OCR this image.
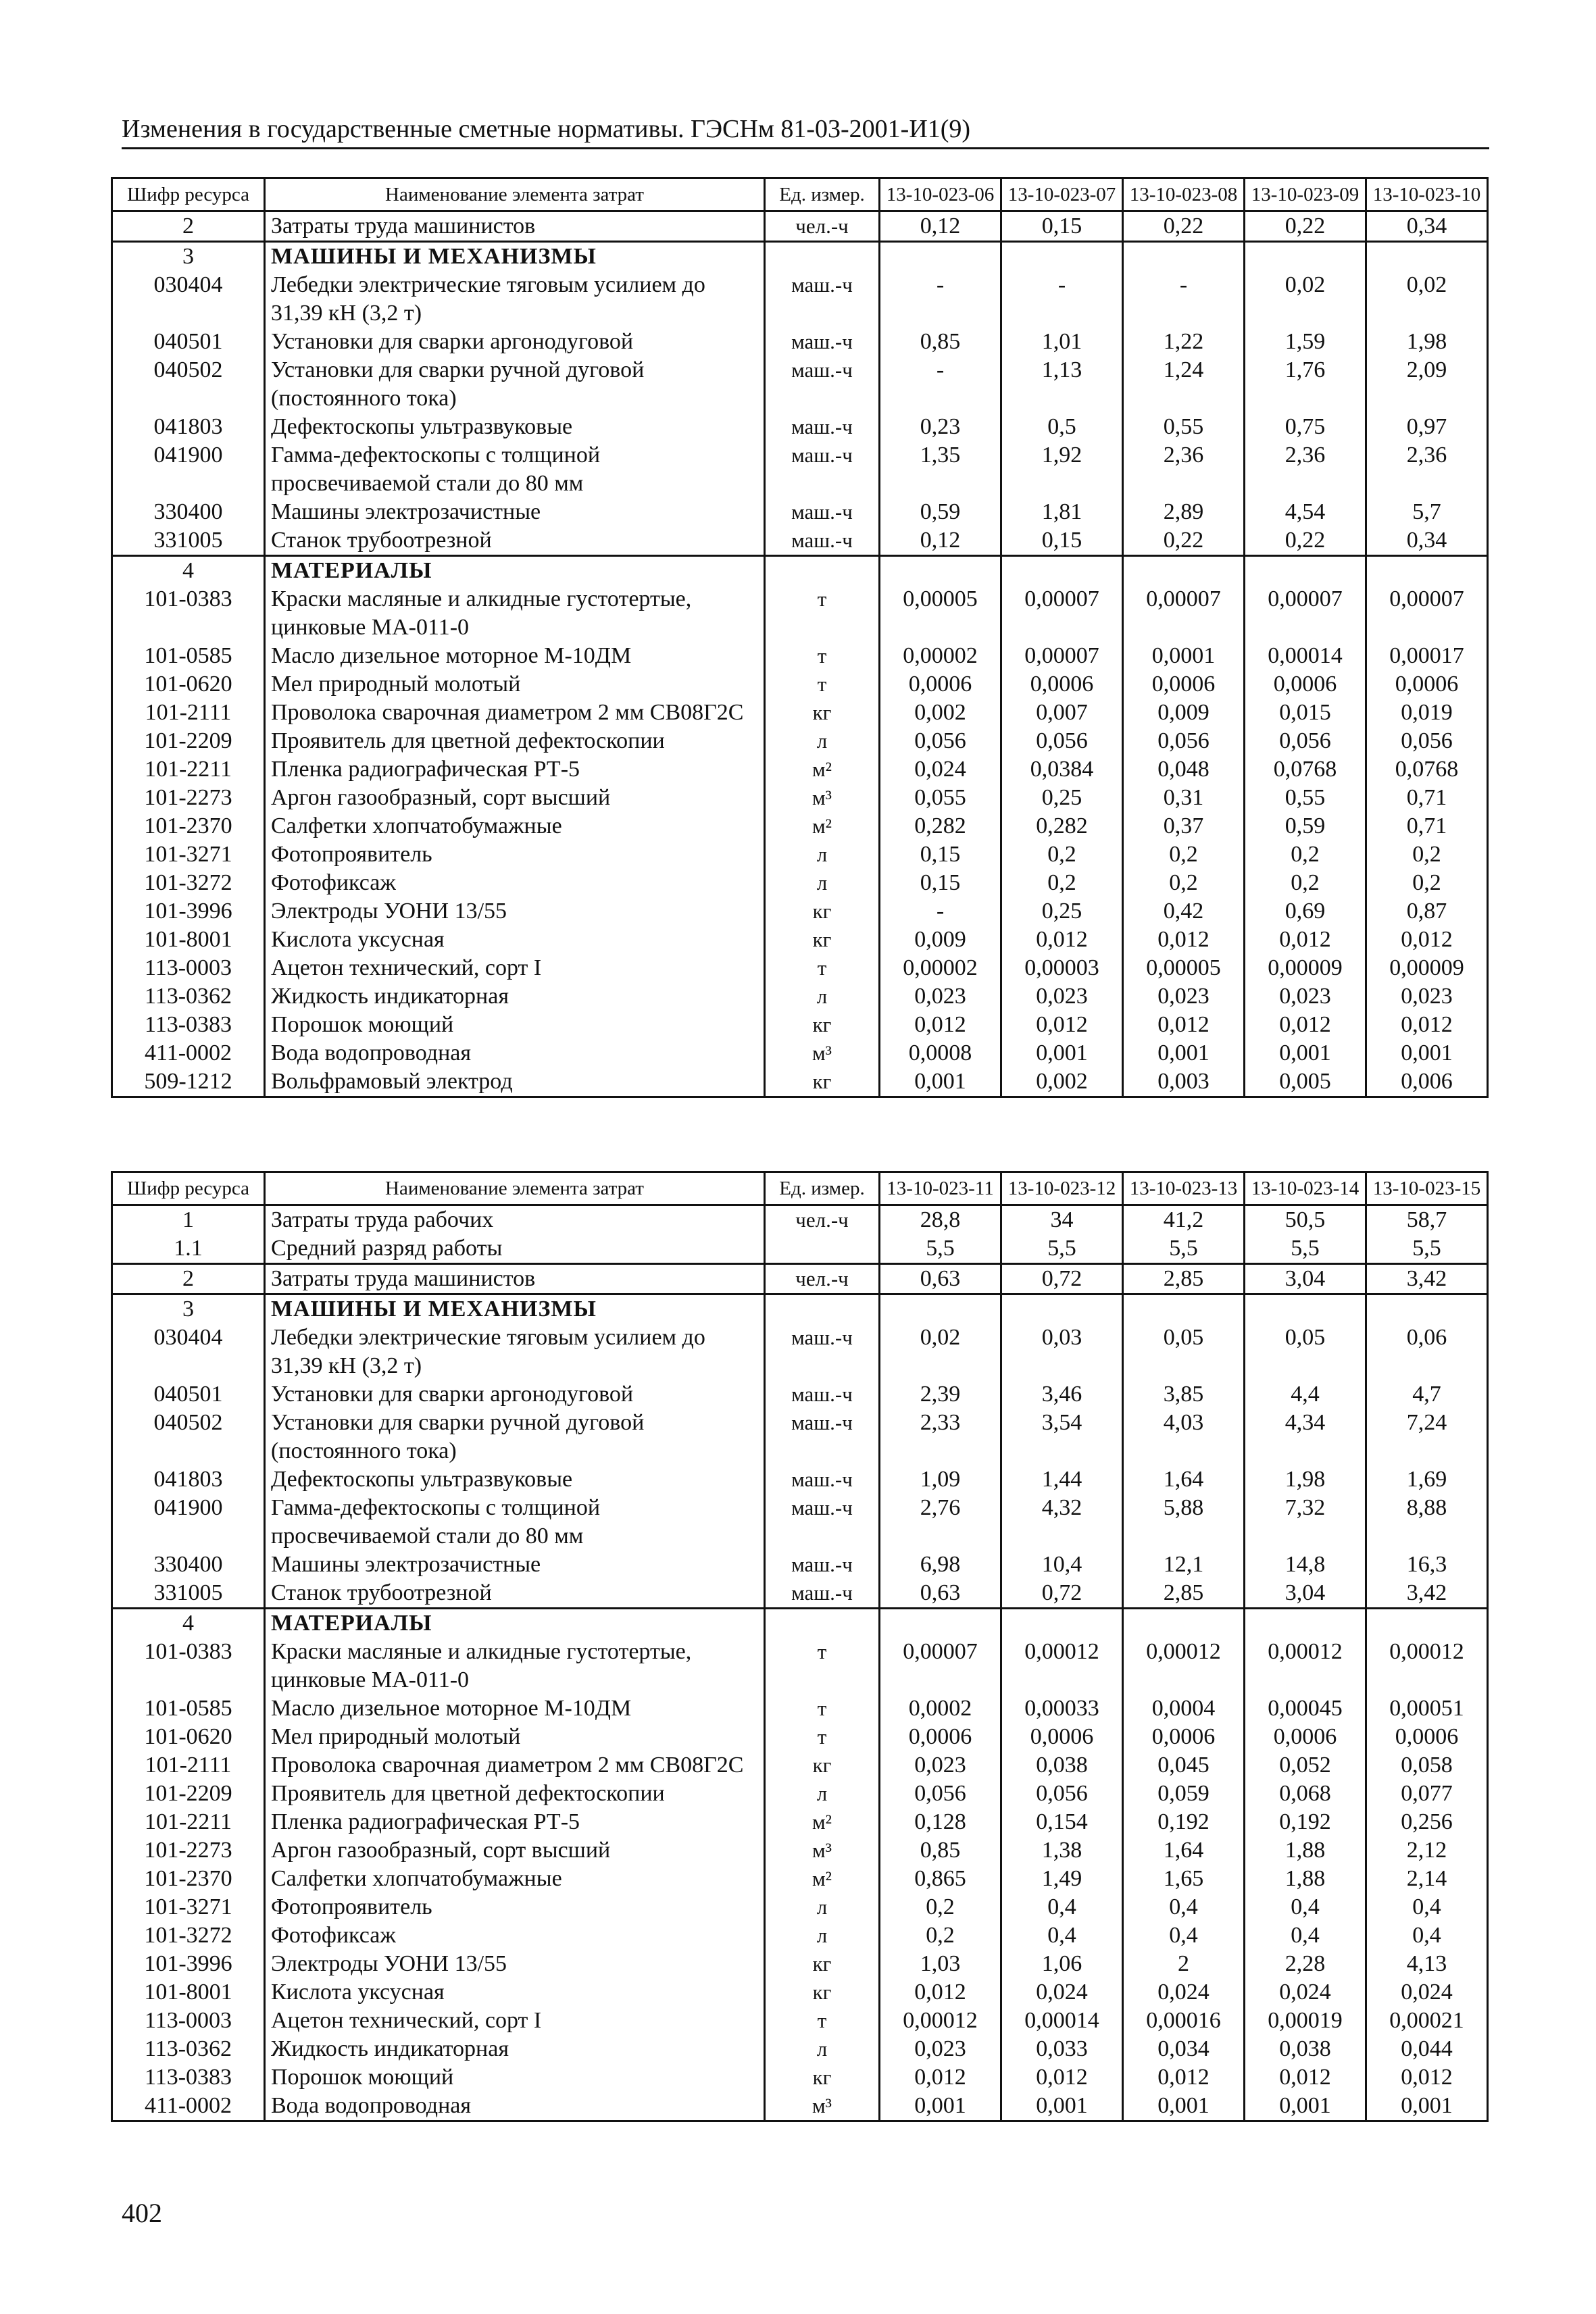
Изменения в государственные сметные нормативы. ГЭСНм 81-03-2001-И1(9)
Шифр ресурса	Наименование элемента затрат	Ед. измер.	13-10-023-06	13-10-023-07	13-10-023-08	13-10-023-09	13-10-023-10
2	Затраты труда машинистов	чел.-ч	0,12	0,15	0,22	0,22	0,34
3	МАШИНЫ И МЕХАНИЗМЫ						
030404	Лебедки электрические тяговым усилием до 31,39 кН (3,2 т)	маш.-ч	-	-	-	0,02	0,02
040501	Установки для сварки аргонодуговой	маш.-ч	0,85	1,01	1,22	1,59	1,98
040502	Установки для сварки ручной дуговой (постоянного тока)	маш.-ч	-	1,13	1,24	1,76	2,09
041803	Дефектоскопы ультразвуковые	маш.-ч	0,23	0,5	0,55	0,75	0,97
041900	Гамма-дефектоскопы с толщиной просвечиваемой стали до 80 мм	маш.-ч	1,35	1,92	2,36	2,36	2,36
330400	Машины электрозачистные	маш.-ч	0,59	1,81	2,89	4,54	5,7
331005	Станок трубоотрезной	маш.-ч	0,12	0,15	0,22	0,22	0,34
4	МАТЕРИАЛЫ						
101-0383	Краски масляные и алкидные густотертые, цинковые МА-011-0	т	0,00005	0,00007	0,00007	0,00007	0,00007
101-0585	Масло дизельное моторное М-10ДМ	т	0,00002	0,00007	0,0001	0,00014	0,00017
101-0620	Мел природный молотый	т	0,0006	0,0006	0,0006	0,0006	0,0006
101-2111	Проволока сварочная диаметром 2 мм СВ08Г2С	кг	0,002	0,007	0,009	0,015	0,019
101-2209	Проявитель для цветной дефектоскопии	л	0,056	0,056	0,056	0,056	0,056
101-2211	Пленка радиографическая РТ-5	м²	0,024	0,0384	0,048	0,0768	0,0768
101-2273	Аргон газообразный, сорт высший	м³	0,055	0,25	0,31	0,55	0,71
101-2370	Салфетки хлопчатобумажные	м²	0,282	0,282	0,37	0,59	0,71
101-3271	Фотопроявитель	л	0,15	0,2	0,2	0,2	0,2
101-3272	Фотофиксаж	л	0,15	0,2	0,2	0,2	0,2
101-3996	Электроды УОНИ 13/55	кг	-	0,25	0,42	0,69	0,87
101-8001	Кислота уксусная	кг	0,009	0,012	0,012	0,012	0,012
113-0003	Ацетон технический, сорт I	т	0,00002	0,00003	0,00005	0,00009	0,00009
113-0362	Жидкость индикаторная	л	0,023	0,023	0,023	0,023	0,023
113-0383	Порошок моющий	кг	0,012	0,012	0,012	0,012	0,012
411-0002	Вода водопроводная	м³	0,0008	0,001	0,001	0,001	0,001
509-1212	Вольфрамовый электрод	кг	0,001	0,002	0,003	0,005	0,006
Шифр ресурса	Наименование элемента затрат	Ед. измер.	13-10-023-11	13-10-023-12	13-10-023-13	13-10-023-14	13-10-023-15
1	Затраты труда рабочих	чел.-ч	28,8	34	41,2	50,5	58,7
1.1	Средний разряд работы		5,5	5,5	5,5	5,5	5,5
2	Затраты труда машинистов	чел.-ч	0,63	0,72	2,85	3,04	3,42
3	МАШИНЫ И МЕХАНИЗМЫ						
030404	Лебедки электрические тяговым усилием до 31,39 кН (3,2 т)	маш.-ч	0,02	0,03	0,05	0,05	0,06
040501	Установки для сварки аргонодуговой	маш.-ч	2,39	3,46	3,85	4,4	4,7
040502	Установки для сварки ручной дуговой (постоянного тока)	маш.-ч	2,33	3,54	4,03	4,34	7,24
041803	Дефектоскопы ультразвуковые	маш.-ч	1,09	1,44	1,64	1,98	1,69
041900	Гамма-дефектоскопы с толщиной просвечиваемой стали до 80 мм	маш.-ч	2,76	4,32	5,88	7,32	8,88
330400	Машины электрозачистные	маш.-ч	6,98	10,4	12,1	14,8	16,3
331005	Станок трубоотрезной	маш.-ч	0,63	0,72	2,85	3,04	3,42
4	МАТЕРИАЛЫ						
101-0383	Краски масляные и алкидные густотертые, цинковые МА-011-0	т	0,00007	0,00012	0,00012	0,00012	0,00012
101-0585	Масло дизельное моторное М-10ДМ	т	0,0002	0,00033	0,0004	0,00045	0,00051
101-0620	Мел природный молотый	т	0,0006	0,0006	0,0006	0,0006	0,0006
101-2111	Проволока сварочная диаметром 2 мм СВ08Г2С	кг	0,023	0,038	0,045	0,052	0,058
101-2209	Проявитель для цветной дефектоскопии	л	0,056	0,056	0,059	0,068	0,077
101-2211	Пленка радиографическая РТ-5	м²	0,128	0,154	0,192	0,192	0,256
101-2273	Аргон газообразный, сорт высший	м³	0,85	1,38	1,64	1,88	2,12
101-2370	Салфетки хлопчатобумажные	м²	0,865	1,49	1,65	1,88	2,14
101-3271	Фотопроявитель	л	0,2	0,4	0,4	0,4	0,4
101-3272	Фотофиксаж	л	0,2	0,4	0,4	0,4	0,4
101-3996	Электроды УОНИ 13/55	кг	1,03	1,06	2	2,28	4,13
101-8001	Кислота уксусная	кг	0,012	0,024	0,024	0,024	0,024
113-0003	Ацетон технический, сорт I	т	0,00012	0,00014	0,00016	0,00019	0,00021
113-0362	Жидкость индикаторная	л	0,023	0,033	0,034	0,038	0,044
113-0383	Порошок моющий	кг	0,012	0,012	0,012	0,012	0,012
411-0002	Вода водопроводная	м³	0,001	0,001	0,001	0,001	0,001
402
